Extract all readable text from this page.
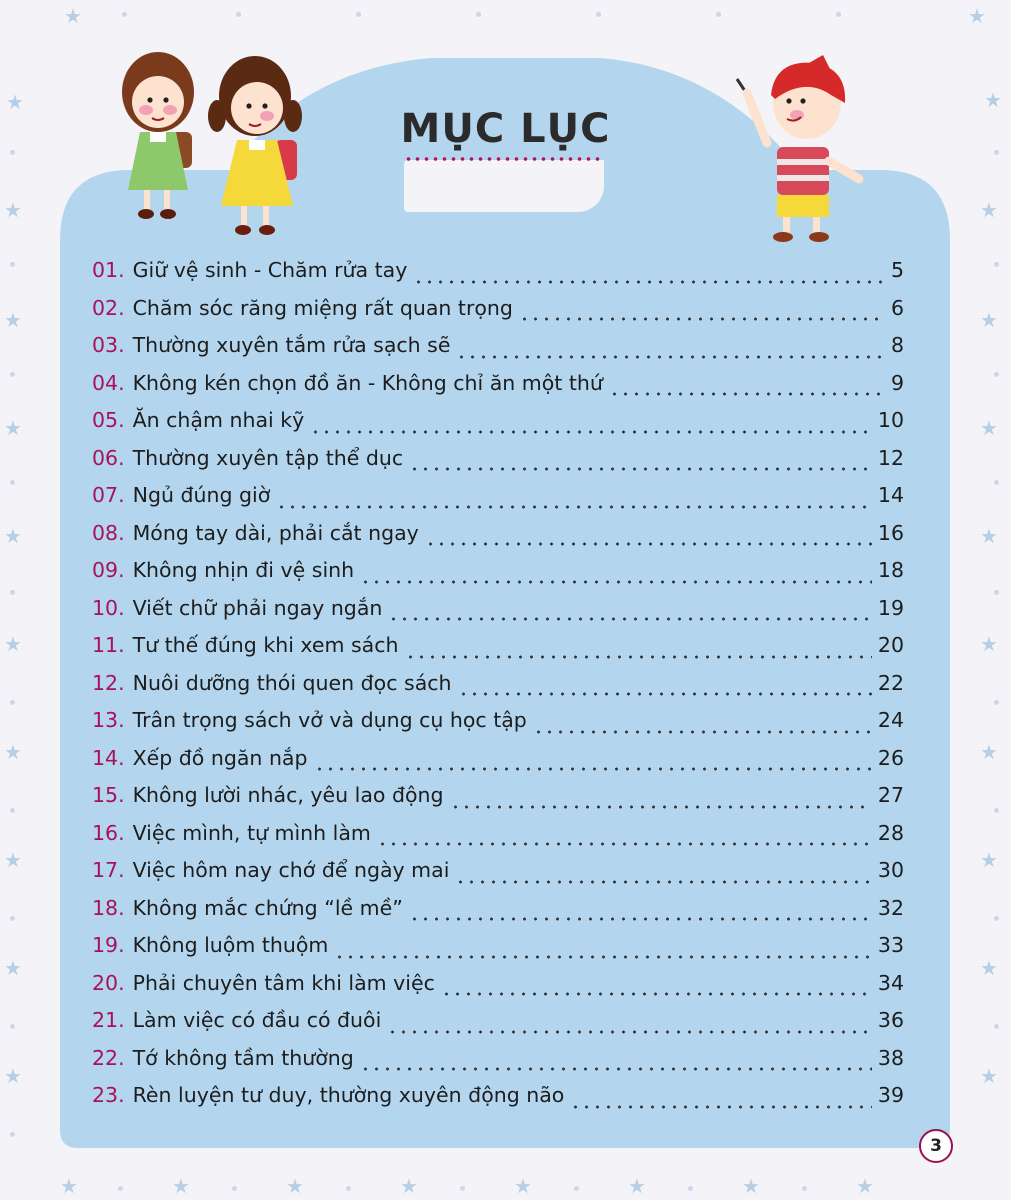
★	★
★	★
★	★
★	★
★	★
★	★
★	★
★	★
★	★
★	★
★	★
★	★	★	★	★	★	★	★
MỤC LỤC
01. Giữ vệ sinh - Chăm rửa tay	5
02. Chăm sóc răng miệng rất quan trọng	6
03. Thường xuyên tắm rửa sạch sẽ	8
04. Không kén chọn đồ ăn - Không chỉ ăn một thứ	9
05. Ăn chậm nhai kỹ	10
06. Thường xuyên tập thể dục	12
07. Ngủ đúng giờ	14
08. Móng tay dài, phải cắt ngay	16
09. Không nhịn đi vệ sinh	18
10. Viết chữ phải ngay ngắn	19
11. Tư thế đúng khi xem sách	20
12. Nuôi dưỡng thói quen đọc sách	22
13. Trân trọng sách vở và dụng cụ học tập	24
14. Xếp đồ ngăn nắp	26
15. Không lười nhác, yêu lao động	27
16. Việc mình, tự mình làm	28
17. Việc hôm nay chớ để ngày mai	30
18. Không mắc chứng “lề mề”	32
19. Không luộm thuộm	33
20. Phải chuyên tâm khi làm việc	34
21. Làm việc có đầu có đuôi	36
22. Tớ không tầm thường	38
23. Rèn luyện tư duy, thường xuyên động não	39
3
